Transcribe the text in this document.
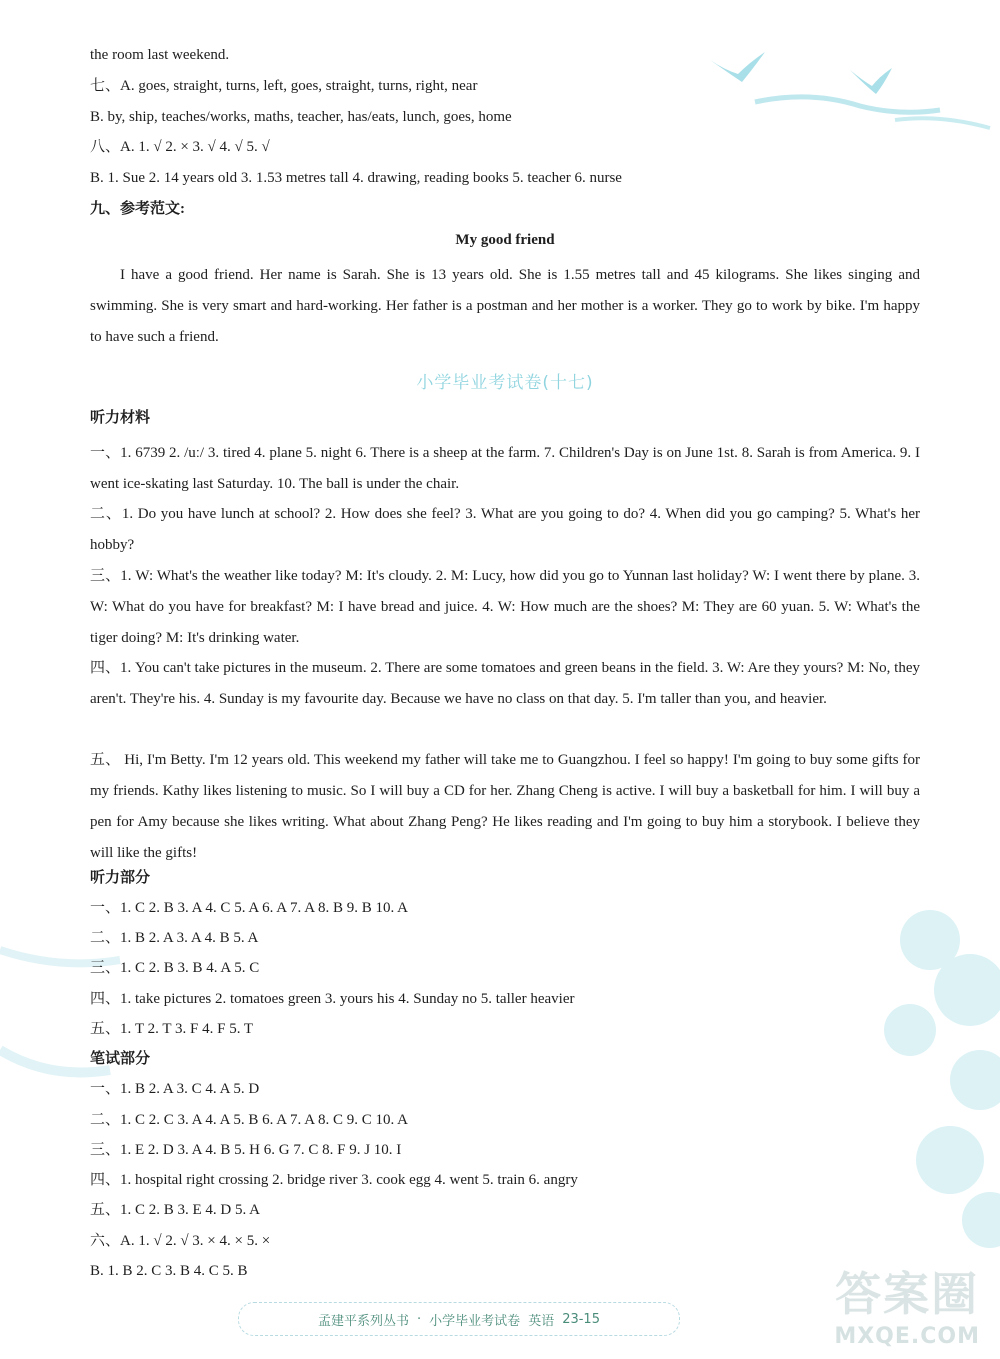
the room last weekend.
七、A. goes, straight, turns, left, goes, straight, turns, right, near
B. by, ship, teaches/works, maths, teacher, has/eats, lunch, goes, home
八、A. 1. √ 2. × 3. √ 4. √ 5. √
B. 1. Sue 2. 14 years old 3. 1.53 metres tall 4. drawing, reading books 5. teacher 6. nurse
九、参考范文:
My good friend
I have a good friend. Her name is Sarah. She is 13 years old. She is 1.55 metres tall and 45 kilograms. She likes singing and swimming. She is very smart and hard-working. Her father is a postman and her mother is a worker. They go to work by bike. I'm happy to have such a friend.
小学毕业考试卷(十七)
听力材料
一、1. 6739 2. /uː/ 3. tired 4. plane 5. night 6. There is a sheep at the farm. 7. Children's Day is on June 1st. 8. Sarah is from America. 9. I went ice-skating last Saturday. 10. The ball is under the chair.
二、1. Do you have lunch at school? 2. How does she feel? 3. What are you going to do? 4. When did you go camping? 5. What's her hobby?
三、1. W: What's the weather like today? M: It's cloudy. 2. M: Lucy, how did you go to Yunnan last holiday? W: I went there by plane. 3. W: What do you have for breakfast? M: I have bread and juice. 4. W: How much are the shoes? M: They are 60 yuan. 5. W: What's the tiger doing? M: It's drinking water.
四、1. You can't take pictures in the museum. 2. There are some tomatoes and green beans in the field. 3. W: Are they yours? M: No, they aren't. They're his. 4. Sunday is my favourite day. Because we have no class on that day. 5. I'm taller than you, and heavier.
五、 Hi, I'm Betty. I'm 12 years old. This weekend my father will take me to Guangzhou. I feel so happy! I'm going to buy some gifts for my friends. Kathy likes listening to music. So I will buy a CD for her. Zhang Cheng is active. I will buy a basketball for him. I will buy a pen for Amy because she likes writing. What about Zhang Peng? He likes reading and I'm going to buy him a storybook. I believe they will like the gifts!
听力部分
一、1. C 2. B 3. A 4. C 5. A 6. A 7. A 8. B 9. B 10. A
二、1. B 2. A 3. A 4. B 5. A
三、1. C 2. B 3. B 4. A 5. C
四、1. take pictures 2. tomatoes green 3. yours his 4. Sunday no 5. taller heavier
五、1. T 2. T 3. F 4. F 5. T
笔试部分
一、1. B 2. A 3. C 4. A 5. D
二、1. C 2. C 3. A 4. A 5. B 6. A 7. A 8. C 9. C 10. A
三、1. E 2. D 3. A 4. B 5. H 6. G 7. C 8. F 9. J 10. I
四、1. hospital right crossing 2. bridge river 3. cook egg 4. went 5. train 6. angry
五、1. C 2. B 3. E 4. D 5. A
六、A. 1. √ 2. √ 3. × 4. × 5. ×
B. 1. B 2. C 3. B 4. C 5. B
孟建平系列丛书 · 小学毕业考试卷 英语 23-15	答案圈
MXQE.COM
